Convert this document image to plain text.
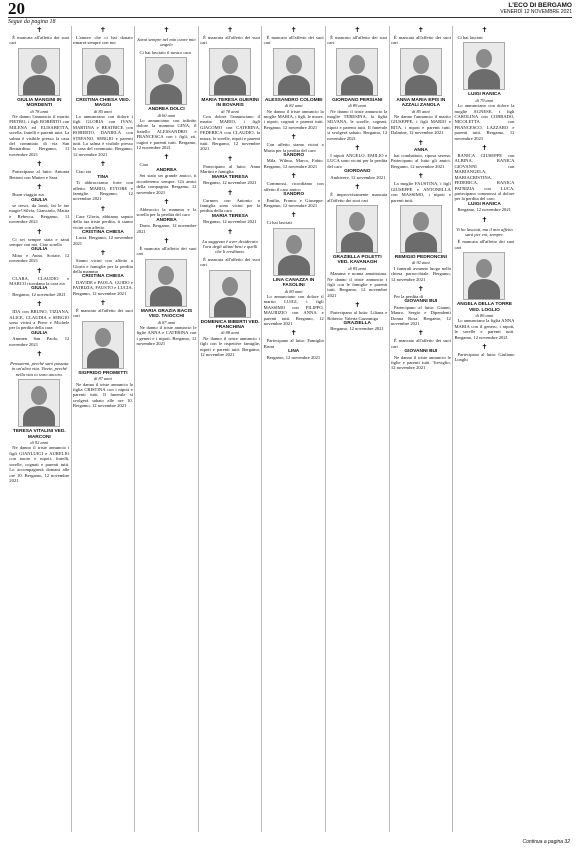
20	L'ECO DI BERGAMO
VENERDÌ 12 NOVEMBRE 2021
Segue da pagina 18
✝
È mancata all'affetto dei suoi cari
GIULIA MANGINI IN MORDENTI
di 78 anni
Ne danno l'annuncio il marito PIETRO, i figli ROBERTO con MILENA ed ELISABETTA, sorella, fratelli e parenti tutti. La salma è visibile presso la casa del commiato di via San Bernardino. Bergamo, 11 novembre 2021
✝
Partecipano al lutto: Antonia Bettoni con Matteo e Sara
✝
Buon viaggio zia
GIULIA
se riesci, da lassù, fai le tue magie! Silvia, Giancarlo, Mattia e Rebecca. Bergamo, 11 novembre 2021
✝
Ci sei sempre stata e sarai sempre con noi. Ciao sorella
GIULIA
Mino e Anna. Scriate, 12 novembre 2021
✝
CLARA, CLAUDIO e MARCO ricordano la cara zia
GIULIA
Bergamo, 12 novembre 2021
✝
IDA con BRUNO, TIZIANA, ALICE, CLAUDIA e SERGIO sono vicini a Piero e Michele per la perdita della cara
GIULIA
Ammen San Paolo, 12 novembre 2021
✝
Pensatemi, perché sarò passata in un'altra vita. Vivete, perché nella vita io sono ancora.
TERESA VITALINI VED. MARCONI
di 92 anni
Ne danno il triste annuncio i figli GIANLUIGI e AURELIO con nuore e nipoti, fratelli, sorelle, cognati e parenti tutti. Lo accompagnerà domani alle ore 10. Bergamo, 12 novembre 2021
✝
L'amore che ci hai donato rimarrà sempre con noi
CRISTINA CHIESA VED. MAGGI
di 85 anni
Lo annunciano con dolore i figli GLORIA con IVAN, MARTINA e BEATRICE con ROBERTO, DANIELA con STEFANO, SERGIO e parenti tutti. La salma è visibile presso la casa del commiato. Bergamo, 12 novembre 2021
✝
Ciao zia
TINA
Ti abbracciamo forte con affetto. MARIO, ETTORE e famiglie. Bergamo, 12 novembre 2021
✝
Cara Gloria, abbiamo saputo della tua triste perdita, ti siamo vicini con affetto.
CRISTINA CHIESA
Lucia. Bergamo, 12 novembre 2021
✝
Siamo vicini con affetto a Gloria e famiglia per la perdita della mamma
CRISTINA CHIESA
DAVIDE e PAOLA, GUIDO e PATRIZIA, FAUSTO e LUCIA. Bergamo, 12 novembre 2021
✝
È mancato all'affetto dei suoi cari
SIGFRIDO PROMETTI
di 87 anni
Ne danno il triste annuncio la figlia CRISTINA con i nipoti e parenti tutti. Il funerale si svolgerà sabato alle ore 10. Bergamo, 12 novembre 2021
✝
Sarai sempre nel mio cuore mio angelo
Ci hai lasciato il nostro caro
ANDREA DOLCI
di 60 anni
Lo annunciano con infinito dolore la mamma GINA, il fratello ALESSANDRO e FRANCESCA con i figli, zii, cugini e parenti tutti. Bergamo, 12 novembre 2021
✝
Ciao
ANDREA
Sei stato un grande amico, ti ricorderemo sempre. Gli amici della compagnia. Bergamo, 12 novembre 2021
✝
Abbraccio la mamma e la sorella per la perdita del caro
ANDREA
Dario. Bergamo, 12 novembre 2021
✝
È mancata all'affetto dei suoi cari
MARIA GRAZIA BACIS VED. TAIOCCHI
di 87 anni
Ne danno il triste annuncio le figlie ANNA e CATERINA con i generi e i nipoti. Bergamo, 12 novembre 2021
✝
È mancata all'affetto dei suoi cari
MARIA TERESA GUERINI IN BOVARIS
di 78 anni
Con dolore l'annunciano il marito MARIO, i figli GIACOMO con CATERINA, FEDERICA con CLAUDIO, la nuora, le sorelle, nipoti e parenti tutti. Bergamo, 12 novembre 2021
✝
Partecipano al lutto: Anna Martini e famiglia
MARIA TERESA
Bergamo, 12 novembre 2021
✝
Carmen con Antonio e famiglia sono vicini per la perdita della cara
MARIA TERESA
Bergamo, 12 novembre 2021
✝
La saggezza è aver desiderato l'ora degli ultimi beni e quelli che li ereditano.
È mancata all'affetto dei suoi cari
DOMENICA BIBERTI VED. FRANCHINA
di 88 anni
Ne danno il triste annuncio i figli con le rispettive famiglie, nipoti e parenti tutti. Bergamo, 12 novembre 2021
✝
È mancato all'affetto dei suoi cari
ALESSANDRO COLOMBI
di 82 anni
Ne danno il triste annuncio la moglie MARIA, i figli, le nuore, i nipoti, cognati e parenti tutti. Bergamo, 12 novembre 2021
✝
Con affetto siamo vicini a Maria per la perdita del caro
SANDRO
Mila, Wilma, Marco, Fabio. Bergamo, 12 novembre 2021
✝
Commossi, ricordiamo con affetto il caro amico
SANDRO
Emilio, Franco e Giuseppe. Bergamo, 12 novembre 2021
✝
Ci hai lasciati
LINA CANAZZA IN FASOLINI
di 80 anni
Lo annunciano con dolore il marito LUIGI, i figli MASSIMO con FILIPPO, MAURIZIO con ANNA e parenti tutti. Bergamo, 12 novembre 2021
✝
Partecipano al lutto: Famiglia Bruni
LINA
Bergamo, 12 novembre 2021
✝
È mancato all'affetto dei suoi cari
GIORDANO PERSIANI
di 89 anni
Ne danno il triste annuncio la moglie TERESINA, la figlia SILVANA, le sorelle, cognati, nipoti e parenti tutti. Il funerale si svolgerà sabato. Bergamo, 12 novembre 2021
✝
I nipoti ANGELO, EMILIO e LUCA sono vicini per la perdita del caro
GIORDANO
Ambivere, 12 novembre 2021
✝
È improvvisamente mancata all'affetto dei suoi cari
GRAZIELLA POLETTI VED. KAVANAGH
di 85 anni
Mamma e nonna amatissima. Ne danno il triste annuncio i figli con le famiglie e parenti tutti. Bergamo, 12 novembre 2021
✝
Partecipano al lutto: Liliana e Roberto; Valeria Gazzaniga
GRAZIELLA
Bergamo, 12 novembre 2021
✝
È mancata all'affetto dei suoi cari
ANNA MARIA EPIS IN AZZALI ZANOLA
di 85 anni
Ne danno l'annuncio il marito GIUSEPPE, i figli MARIO e RITA, i nipoti e parenti tutti. Dalmine, 12 novembre 2021
✝
ANNA
hai combattuto, riposa serena. Partecipano al lutto gli amici. Bergamo, 12 novembre 2021
✝
La moglie FAUSTINA, i figli GIUSEPPE e ANTONELLA con MASSIMO, i nipoti e parenti tutti.
REMIGIO PEDRONCINI
di 92 anni
I funerali avranno luogo nella chiesa parrocchiale. Bergamo, 12 novembre 2021
✝
Per la perdita di
GIOVANNI BUI
Partecipano al lutto: Gianni, Mauro, Sergio e Dipendenti Donna Rosa. Bergamo, 12 novembre 2021
✝
È mancato all'affetto dei suoi cari
GIOVANNI BUI
Ne danno il triste annuncio le figlie e parenti tutti. Treviglio, 12 novembre 2021
✝
Ci hai lasciati
LUIGI RANICA
di 79 anni
Lo annunciano con dolore la moglie AGNESE, i figli CAROLINA con CORRADO, NICOLETTA con FRANCESCO, LAZZARO e parenti tutti. Bergamo, 12 novembre 2021
✝
RANICA GIUSEPPE con ALBINA, RANICA GIOVANNI con MARIANGELA, MARIACRISTINA, FEDERICA, RANICA PATRIZIA con LUCA, partecipano commossi al dolore per la perdita del caro
LUIGI RANICA
Bergamo, 12 novembre 2021
✝
Vi ho lasciati, ma il mio affetto sarà per voi, sempre.
È mancata all'affetto dei suoi cari
ANGELA DELLA TORRE VED. LOGLIO
di 86 anni
Lo annunciano la figlia ANNA MARIA con il genero, i nipoti, le sorelle e parenti tutti. Bergamo, 12 novembre 2021
✝
Partecipano al lutto: Giuliano Longhi
Continua a pagina 32
